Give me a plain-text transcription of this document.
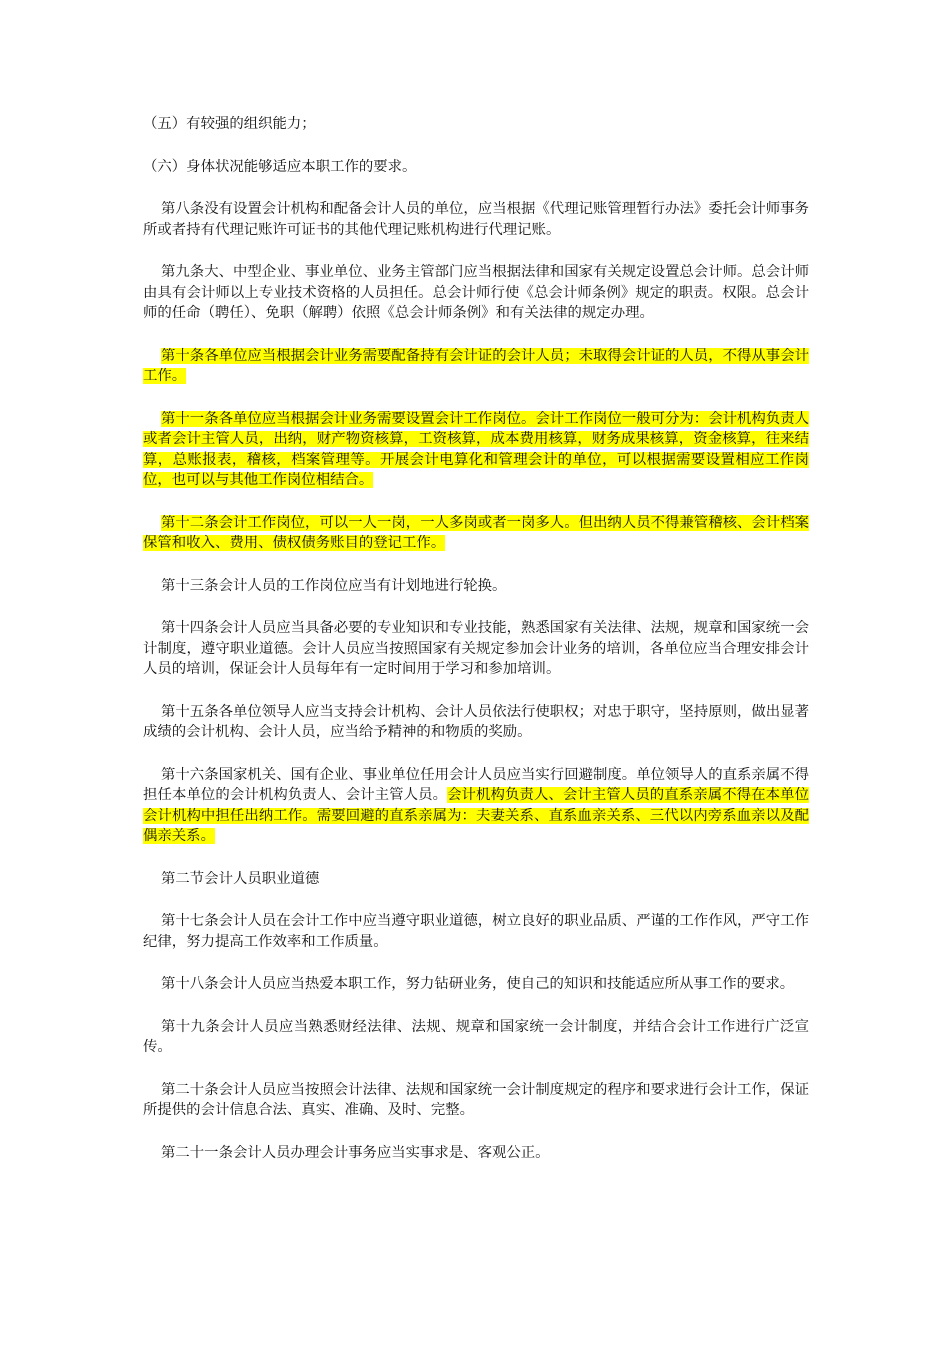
（五）有较强的组织能力；

（六）身体状况能够适应本职工作的要求。

第八条没有设置会计机构和配备会计人员的单位，应当根据《代理记账管理暂行办法》委托会计师事务所或者持有代理记账许可证书的其他代理记账机构进行代理记账。

第九条大、中型企业、事业单位、业务主管部门应当根据法律和国家有关规定设置总会计师。总会计师由具有会计师以上专业技术资格的人员担任。总会计师行使《总会计师条例》规定的职责。权限。总会计师的任命（聘任）、免职（解聘）依照《总会计师条例》和有关法律的规定办理。

第十条各单位应当根据会计业务需要配备持有会计证的会计人员；未取得会计证的人员，不得从事会计工作。

第十一条各单位应当根据会计业务需要设置会计工作岗位。会计工作岗位一般可分为：会计机构负责人或者会计主管人员，出纳，财产物资核算，工资核算，成本费用核算，财务成果核算，资金核算，往来结算，总账报表，稽核，档案管理等。开展会计电算化和管理会计的单位，可以根据需要设置相应工作岗位，也可以与其他工作岗位相结合。

第十二条会计工作岗位，可以一人一岗，一人多岗或者一岗多人。但出纳人员不得兼管稽核、会计档案保管和收入、费用、债权债务账目的登记工作。

第十三条会计人员的工作岗位应当有计划地进行轮换。

第十四条会计人员应当具备必要的专业知识和专业技能，熟悉国家有关法律、法规，规章和国家统一会计制度，遵守职业道德。会计人员应当按照国家有关规定参加会计业务的培训，各单位应当合理安排会计人员的培训，保证会计人员每年有一定时间用于学习和参加培训。

第十五条各单位领导人应当支持会计机构、会计人员依法行使职权；对忠于职守，坚持原则，做出显著成绩的会计机构、会计人员，应当给予精神的和物质的奖励。

第十六条国家机关、国有企业、事业单位任用会计人员应当实行回避制度。单位领导人的直系亲属不得担任本单位的会计机构负责人、会计主管人员。会计机构负责人、会计主管人员的直系亲属不得在本单位会计机构中担任出纳工作。需要回避的直系亲属为：夫妻关系、直系血亲关系、三代以内旁系血亲以及配偶亲关系。

第二节会计人员职业道德

第十七条会计人员在会计工作中应当遵守职业道德，树立良好的职业品质、严谨的工作作风，严守工作纪律，努力提高工作效率和工作质量。

第十八条会计人员应当热爱本职工作，努力钻研业务，使自己的知识和技能适应所从事工作的要求。

第十九条会计人员应当熟悉财经法律、法规、规章和国家统一会计制度，并结合会计工作进行广泛宣传。

第二十条会计人员应当按照会计法律、法规和国家统一会计制度规定的程序和要求进行会计工作，保证所提供的会计信息合法、真实、准确、及时、完整。

第二十一条会计人员办理会计事务应当实事求是、客观公正。
